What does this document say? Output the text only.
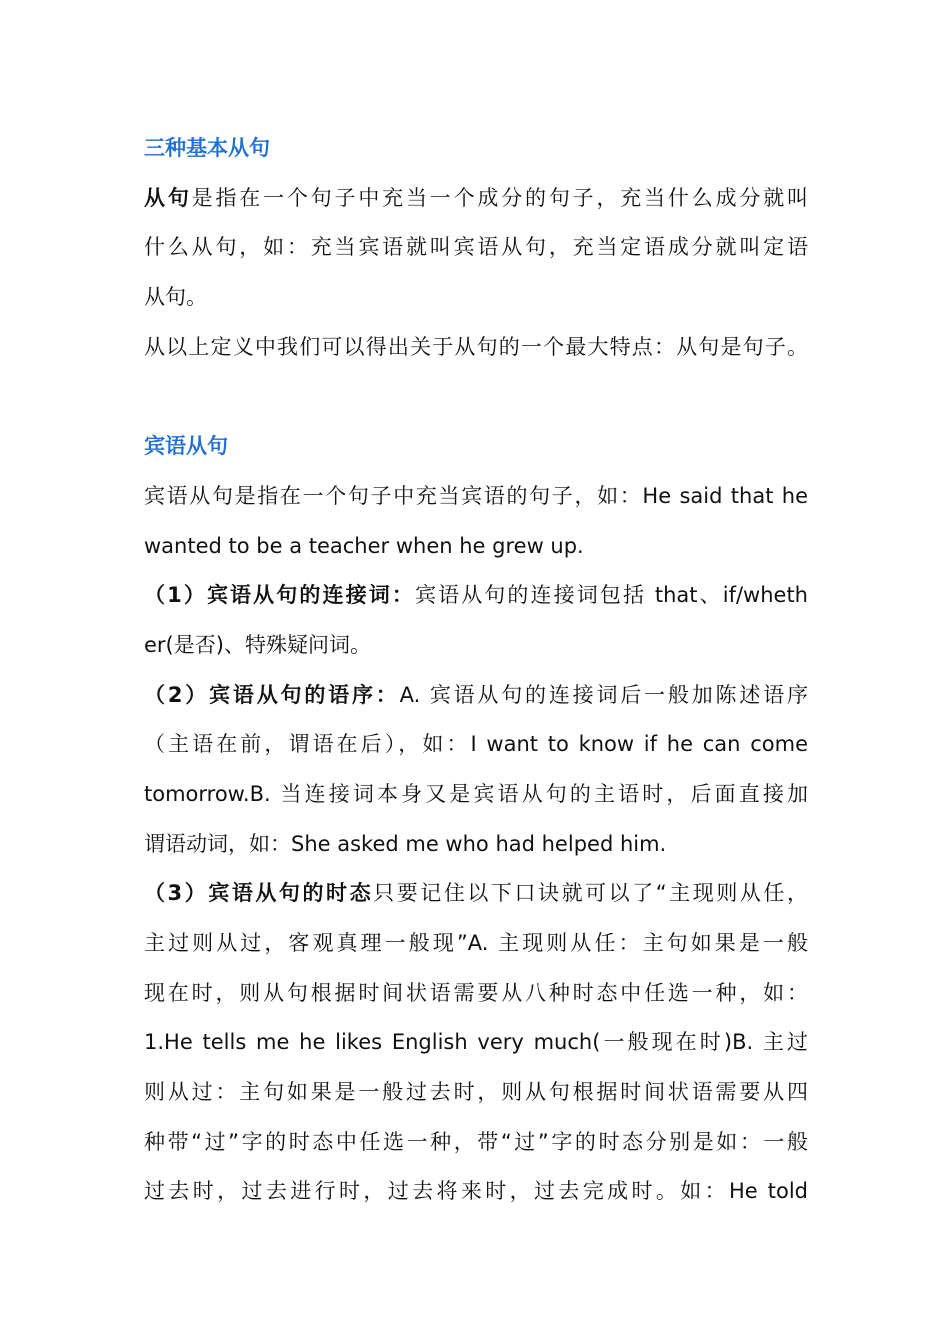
三种基本从句
从句是指在一个句子中充当一个成分的句子，充当什么成分就叫
什么从句，如：充当宾语就叫宾语从句，充当定语成分就叫定语
从句。
从以上定义中我们可以得出关于从句的一个最大特点：从句是句子。
宾语从句
宾语从句是指在一个句子中充当宾语的句子，如：He said that he
wanted to be a teacher when he grew up.
（1）宾语从句的连接词：宾语从句的连接词包括 that、if/wheth
er(是否)、特殊疑问词。
（2）宾语从句的语序：A. 宾语从句的连接词后一般加陈述语序
（主语在前，谓语在后），如：I want to know if he can come
tomorrow.B. 当连接词本身又是宾语从句的主语时，后面直接加
谓语动词，如：She asked me who had helped him.
（3）宾语从句的时态只要记住以下口诀就可以了“主现则从任，
主过则从过，客观真理一般现”A. 主现则从任：主句如果是一般
现在时，则从句根据时间状语需要从八种时态中任选一种，如：
1.He tells me he likes English very much(一般现在时)B. 主过
则从过：主句如果是一般过去时，则从句根据时间状语需要从四
种带“过”字的时态中任选一种，带“过”字的时态分别是如：一般
过去时，过去进行时，过去将来时，过去完成时。如：He told
